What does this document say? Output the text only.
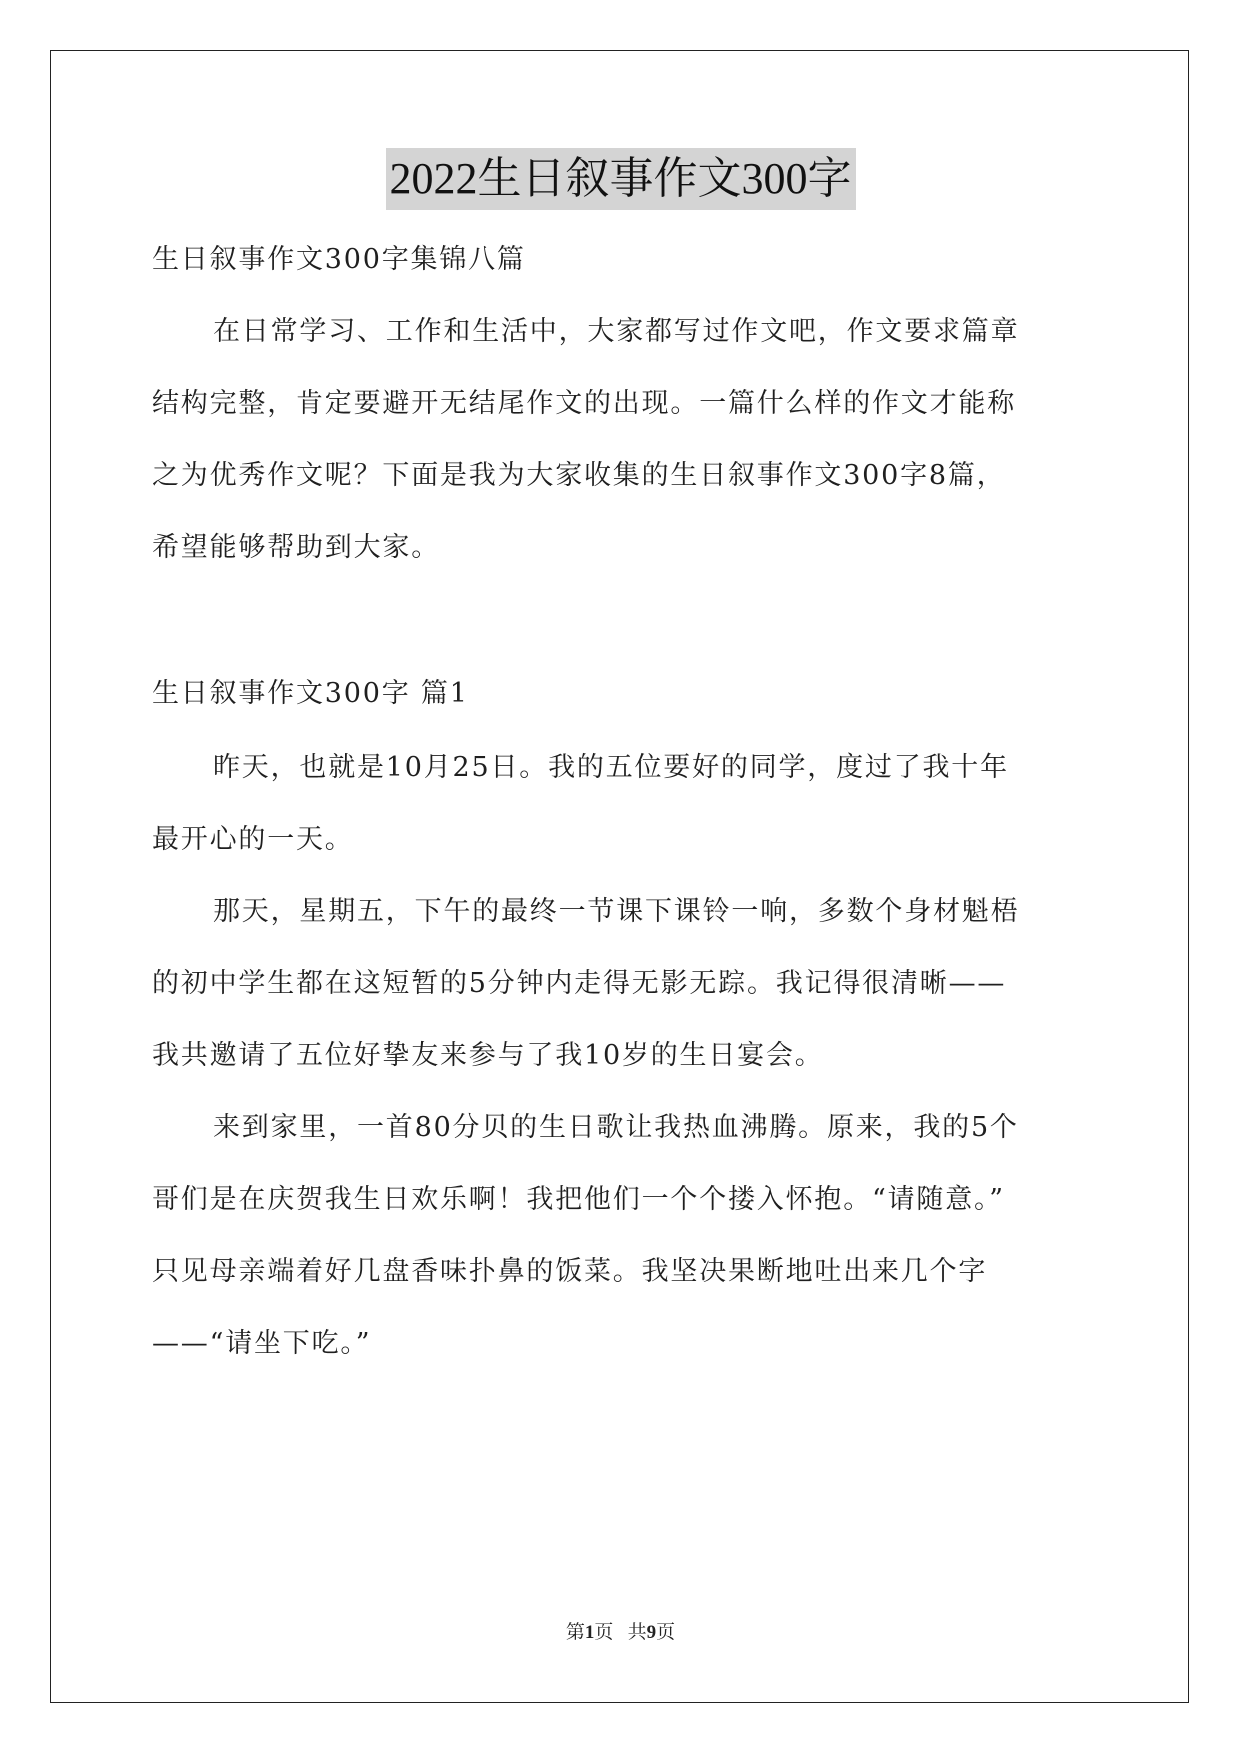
2022生日叙事作文300字
生日叙事作文300字集锦八篇
在日常学习、工作和生活中，大家都写过作文吧，作文要求篇章
结构完整，肯定要避开无结尾作文的出现。一篇什么样的作文才能称
之为优秀作文呢？下面是我为大家收集的生日叙事作文300字8篇，
希望能够帮助到大家。
生日叙事作文300字 篇1
昨天，也就是10月25日。我的五位要好的同学，度过了我十年
最开心的一天。
那天，星期五，下午的最终一节课下课铃一响，多数个身材魁梧
的初中学生都在这短暂的5分钟内走得无影无踪。我记得很清晰——
我共邀请了五位好挚友来参与了我10岁的生日宴会。
来到家里，一首80分贝的生日歌让我热血沸腾。原来，我的5个
哥们是在庆贺我生日欢乐啊！我把他们一个个搂入怀抱。“请随意。”
只见母亲端着好几盘香味扑鼻的饭菜。我坚决果断地吐出来几个字
——“请坐下吃。”
第1页   共9页
